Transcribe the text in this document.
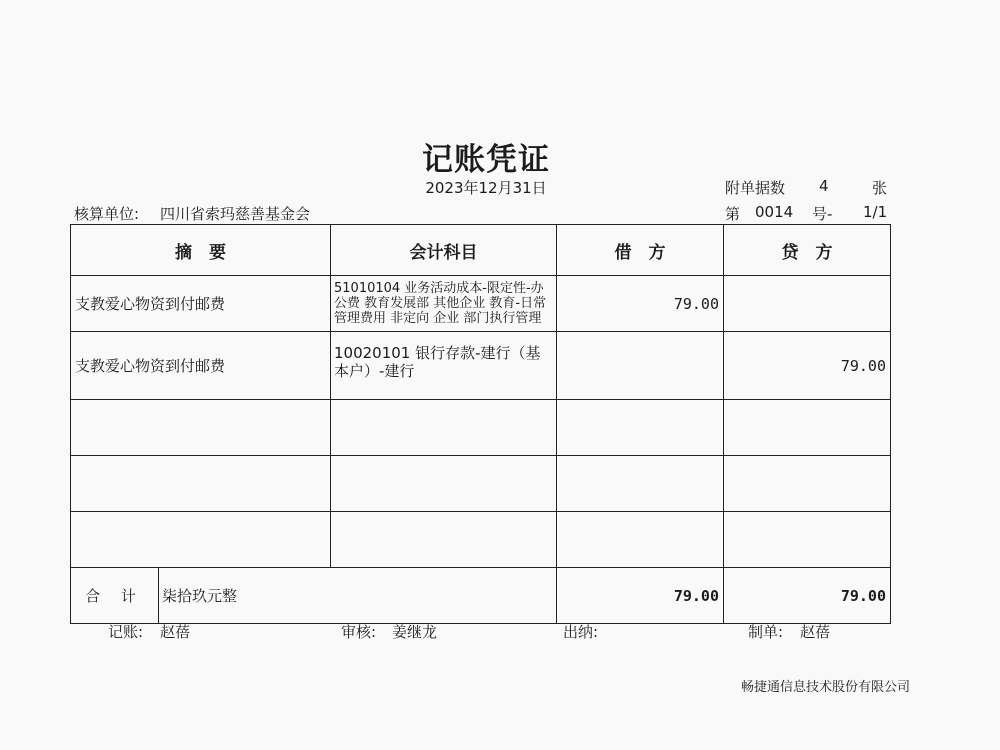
记账凭证
2023年12月31日	附单据数 4	张
核算单位: 四川省索玛慈善基金会	第 0014 号- 1/1
摘　要		会计科目	借　方	贷　方
支教爱心物资到付邮费		51010104 业务活动成本-限定性-办公费 教育发展部 其他企业 教育-日常管理费用 非定向 企业 部门执行管理	79.00	
支教爱心物资到付邮费		10020101 银行存款-建行（基本户）-建行		79.00

合 计	柒拾玖元整		79.00	79.00
记账: 赵蓓	审核: 姜继龙	出纳:	制单: 赵蓓
畅捷通信息技术股份有限公司
